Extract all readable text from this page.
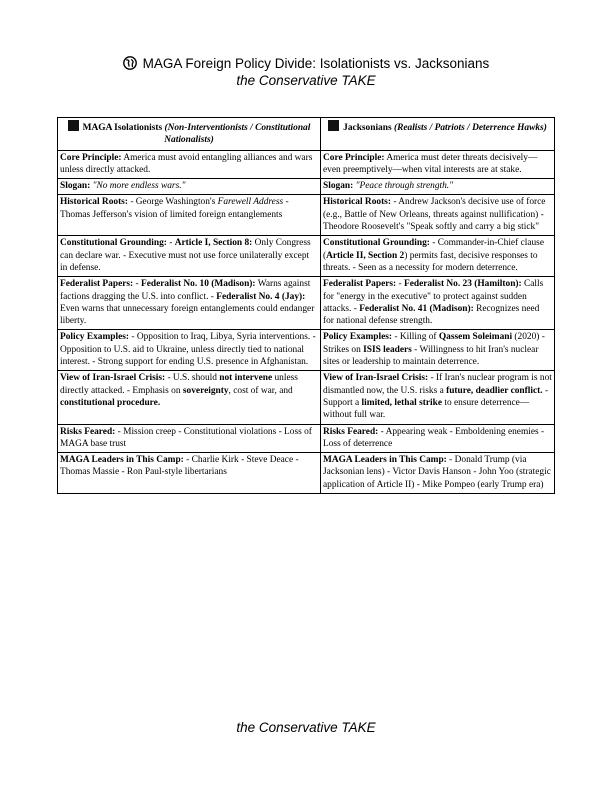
MAGA Foreign Policy Divide: Isolationists vs. Jacksonians
the Conservative TAKE
MAGA Isolationists (Non-Interventionists / Constitutional Nationalists)	Jacksonians (Realists / Patriots / Deterrence Hawks)
Core Principle: America must avoid entangling alliances and wars unless directly attacked.	Core Principle: America must deter threats decisively—even preemptively—when vital interests are at stake.
Slogan: "No more endless wars."	Slogan: "Peace through strength."
Historical Roots: - George Washington's Farewell Address - Thomas Jefferson's vision of limited foreign entanglements	Historical Roots: - Andrew Jackson's decisive use of force (e.g., Battle of New Orleans, threats against nullification) - Theodore Roosevelt's "Speak softly and carry a big stick"
Constitutional Grounding: - Article I, Section 8: Only Congress can declare war. - Executive must not use force unilaterally except in defense.	Constitutional Grounding: - Commander-in-Chief clause (Article II, Section 2) permits fast, decisive responses to threats. - Seen as a necessity for modern deterrence.
Federalist Papers: - Federalist No. 10 (Madison): Warns against factions dragging the U.S. into conflict. - Federalist No. 4 (Jay): Even warns that unnecessary foreign entanglements could endanger liberty.	Federalist Papers: - Federalist No. 23 (Hamilton): Calls for "energy in the executive" to protect against sudden attacks. - Federalist No. 41 (Madison): Recognizes need for national defense strength.
Policy Examples: - Opposition to Iraq, Libya, Syria interventions. - Opposition to U.S. aid to Ukraine, unless directly tied to national interest. - Strong support for ending U.S. presence in Afghanistan.	Policy Examples: - Killing of Qassem Soleimani (2020) - Strikes on ISIS leaders - Willingness to hit Iran's nuclear sites or leadership to maintain deterrence.
View of Iran-Israel Crisis: - U.S. should not intervene unless directly attacked. - Emphasis on sovereignty, cost of war, and constitutional procedure.	View of Iran-Israel Crisis: - If Iran's nuclear program is not dismantled now, the U.S. risks a future, deadlier conflict. - Support a limited, lethal strike to ensure deterrence—without full war.
Risks Feared: - Mission creep - Constitutional violations - Loss of MAGA base trust	Risks Feared: - Appearing weak - Emboldening enemies - Loss of deterrence
MAGA Leaders in This Camp: - Charlie Kirk - Steve Deace - Thomas Massie - Ron Paul-style libertarians	MAGA Leaders in This Camp: - Donald Trump (via Jacksonian lens) - Victor Davis Hanson - John Yoo (strategic application of Article II) - Mike Pompeo (early Trump era)
the Conservative TAKE
